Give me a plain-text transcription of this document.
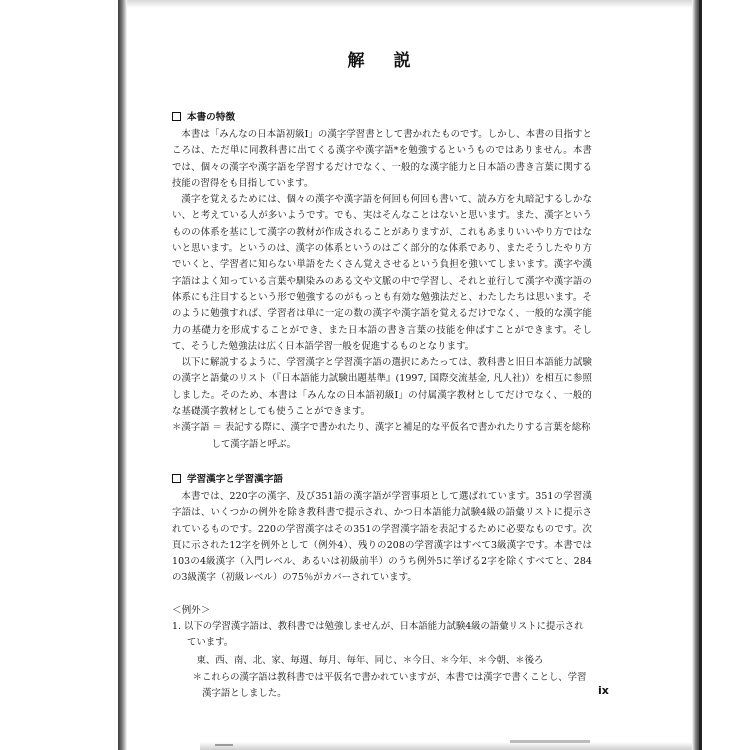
解　説
本書の特徴

本書は「みんなの日本語初級Ⅰ」の漢字学習書として書かれたものです。しかし、本書の目指すところは、ただ単に同教科書に出てくる漢字や漢字語*を勉強するというものではありません。本書では、個々の漢字や漢字語を学習するだけでなく、一般的な漢字能力と日本語の書き言葉に関する技能の習得をも目指しています。

漢字を覚えるためには、個々の漢字や漢字語を何回も何回も書いて、読み方を丸暗記するしかない、と考えている人が多いようです。でも、実はそんなことはないと思います。また、漢字というものの体系を基にして漢字の教材が作成されることがありますが、これもあまりいいやり方ではないと思います。というのは、漢字の体系というのはごく部分的な体系であり、またそうしたやり方でいくと、学習者に知らない単語をたくさん覚えさせるという負担を強いてしまいます。漢字や漢字語はよく知っている言葉や馴染みのある文や文脈の中で学習し、それと並行して漢字や漢字語の体系にも注目するという形で勉強するのがもっとも有効な勉強法だと、わたしたちは思います。そのように勉強すれば、学習者は単に一定の数の漢字や漢字語を覚えるだけでなく、一般的な漢字能力の基礎力を形成することができ、また日本語の書き言葉の技能を伸ばすことができます。そして、そうした勉強法は広く日本語学習一般を促進するものとなります。

以下に解説するように、学習漢字と学習漢字語の選択にあたっては、教科書と旧日本語能力試験の漢字と語彙のリスト（『日本語能力試験出題基準』(1997, 国際交流基金, 凡人社)）を相互に参照しました。そのため、本書は「みんなの日本語初級Ⅰ」の付属漢字教材としてだけでなく、一般的な基礎漢字教材としても使うことができます。

＊漢字語 ＝ 表記する際に、漢字で書かれたり、漢字と補足的な平仮名で書かれたりする言葉を総称して漢字語と呼ぶ。

学習漢字と学習漢字語

本書では、220字の漢字、及び351語の漢字語が学習事項として選ばれています。351の学習漢字語は、いくつかの例外を除き教科書で提示され、かつ日本語能力試験4級の語彙リストに提示されているものです。220の学習漢字はその351の学習漢字語を表記するために必要なものです。次頁に示された12字を例外として（例外4）、残りの208の学習漢字はすべて3級漢字です。本書では103の4級漢字（入門レベル、あるいは初級前半）のうち例外5に挙げる2字を除くすべてと、284の3級漢字（初級レベル）の75％がカバーされています。

＜例外＞

1. 以下の学習漢字語は、教科書では勉強しませんが、日本語能力試験4級の語彙リストに提示されています。

東、西、南、北、家、毎週、毎月、毎年、同じ、＊今日、＊今年、＊今朝、＊後ろ

＊これらの漢字語は教科書では平仮名で書かれていますが、本書では漢字で書くことし、学習漢字語としました。	ix
